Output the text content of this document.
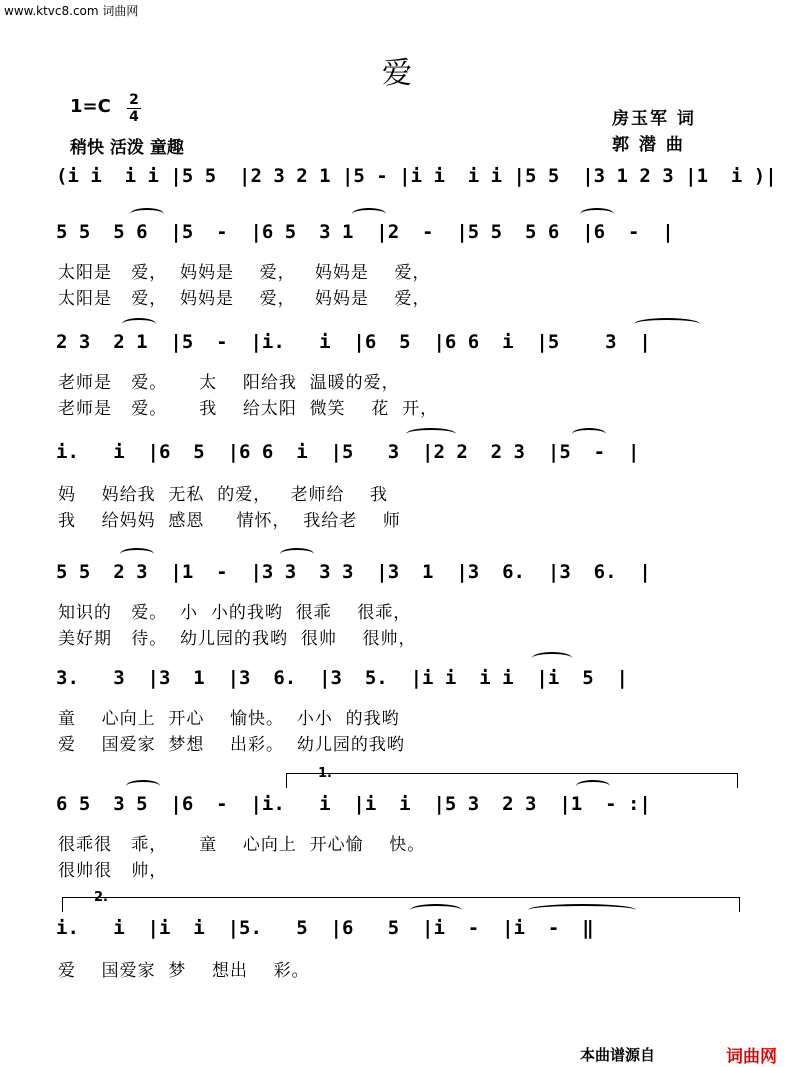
www.ktvc8.com 词曲网
爱
1=C 2
4
稍快 活泼 童趣
房玉军 词
郭 潜 曲
(i i  i i |5 5  |2 3 2 1 |5 - |i i  i i |5 5  |3 1 2 3 |1  i )|
5 5  5 6  |5  -  |6 5  3 1  |2  -  |5 5  5 6  |6  -  |
太阳是   爱，  妈妈是    爱，   妈妈是    爱，
太阳是   爱，  妈妈是    爱，   妈妈是    爱，
2 3  2 1  |5  -  |i.   i  |6  5  |6 6  i  |5    3  |
老师是   爱。     太    阳给我  温暖的爱，
老师是   爱。     我    给太阳  微笑    花  开，
i.   i  |6  5  |6 6  i  |5   3  |2 2  2 3  |5  -  |
妈    妈给我  无私  的爱，   老师给    我
我    给妈妈  感恩     情怀，  我给老    师
5 5  2 3  |1  -  |3 3  3 3  |3  1  |3  6.  |3  6.  |
知识的   爱。  小  小的我哟  很乖    很乖，
美好期   待。  幼儿园的我哟  很帅    很帅，
3.   3  |3  1  |3  6.  |3  5.  |i i  i i  |i  5  |
童    心向上  开心    愉快。  小小  的我哟
爱    国爱家  梦想    出彩。  幼儿园的我哟
1.
6 5  3 5  |6  -  |i.   i  |i  i  |5 3  2 3  |1  - :|
很乖很   乖，     童    心向上  开心愉    快。
很帅很   帅，
2.
i.   i  |i  i  |5.   5  |6   5  |i  -  |i  -  ‖
爱    国爱家  梦    想出    彩。
本曲谱源自	词曲网
